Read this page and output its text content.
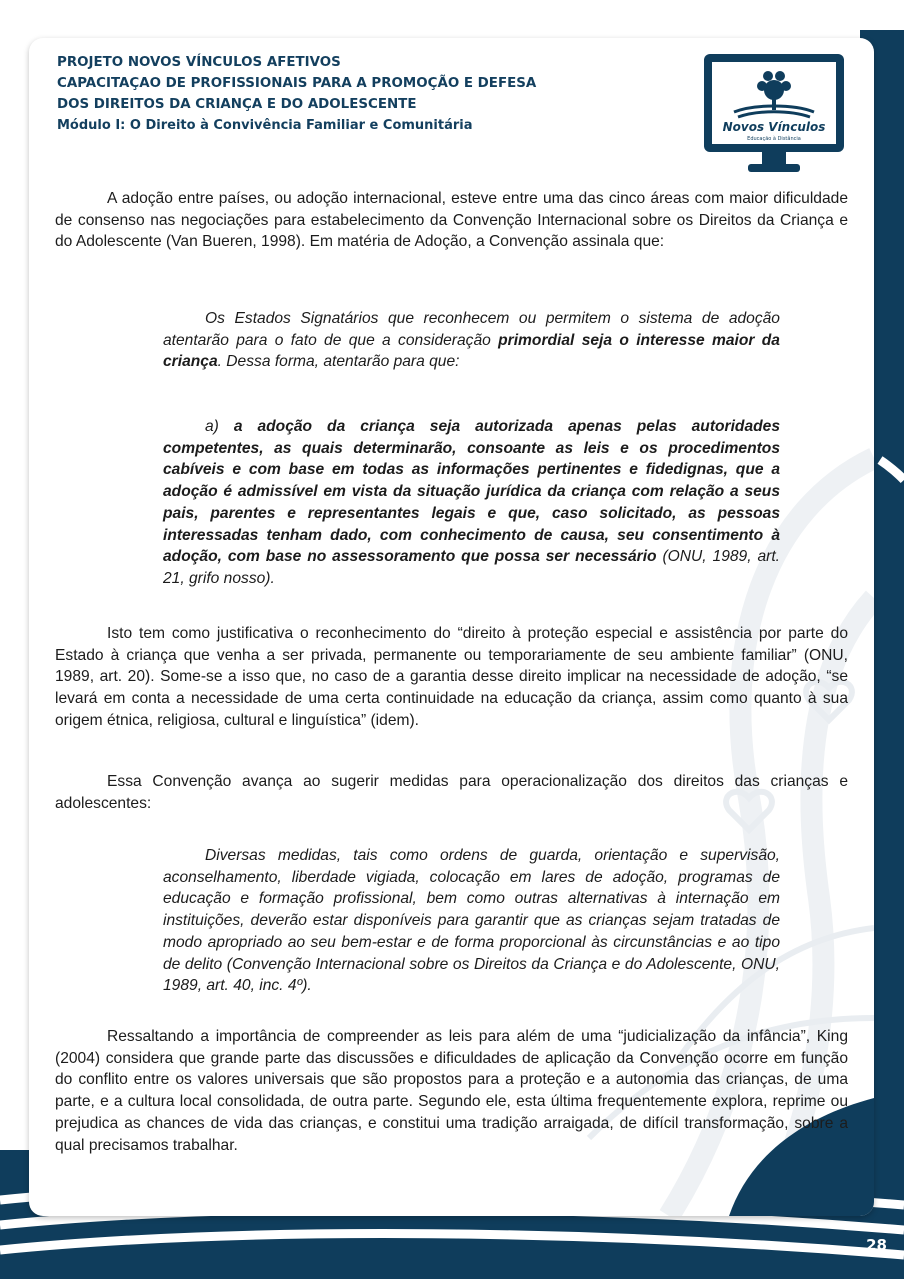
PROJETO NOVOS VÍNCULOS AFETIVOS
CAPACITAÇAO DE PROFISSIONAIS PARA A PROMOÇÃO E DEFESA
DOS DIREITOS DA CRIANÇA E DO ADOLESCENTE
Módulo I: O Direito à Convivência Familiar e Comunitária	Novos Vínculos
Educação à Distância

A adoção entre países, ou adoção internacional, esteve entre uma das cinco áreas com maior dificuldade de consenso nas negociações para estabelecimento da Convenção Internacional sobre os Direitos da Criança e do Adolescente (Van Bueren, 1998). Em matéria de Adoção, a Convenção assinala que:

Os Estados Signatários que reconhecem ou permitem o sistema de adoção atentarão para o fato de que a consideração primordial seja o interesse maior da criança. Dessa forma, atentarão para que:

a) a adoção da criança seja autorizada apenas pelas autoridades competentes, as quais determinarão, consoante as leis e os procedimentos cabíveis e com base em todas as informações pertinentes e fidedignas, que a adoção é admissível em vista da situação jurídica da criança com relação a seus pais, parentes e representantes legais e que, caso solicitado, as pessoas interessadas tenham dado, com conhecimento de causa, seu consentimento à adoção, com base no assessoramento que possa ser necessário (ONU, 1989, art. 21, grifo nosso).

Isto tem como justificativa o reconhecimento do “direito à proteção especial e assistência por parte do Estado à criança que venha a ser privada, permanente ou temporariamente de seu ambiente familiar” (ONU, 1989, art. 20). Some-se a isso que, no caso de a garantia desse direito implicar na necessidade de adoção, “se levará em conta a necessidade de uma certa continuidade na educação da criança, assim como quanto à sua origem étnica, religiosa, cultural e linguística” (idem).

Essa Convenção avança ao sugerir medidas para operacionalização dos direitos das crianças e adolescentes:

Diversas medidas, tais como ordens de guarda, orientação e supervisão, aconselhamento, liberdade vigiada, colocação em lares de adoção, programas de educação e formação profissional, bem como outras alternativas à internação em instituições, deverão estar disponíveis para garantir que as crianças sejam tratadas de modo apropriado ao seu bem-estar e de forma proporcional às circunstâncias e ao tipo de delito (Convenção Internacional sobre os Direitos da Criança e do Adolescente, ONU, 1989, art. 40, inc. 4º).

Ressaltando a importância de compreender as leis para além de uma “judicialização da infância”, King (2004) considera que grande parte das discussões e dificuldades de aplicação da Convenção ocorre em função do conflito entre os valores universais que são propostos para a proteção e a autonomia das crianças, de uma parte, e a cultura local consolidada, de outra parte. Segundo ele, esta última frequentemente explora, reprime ou prejudica as chances de vida das crianças, e constitui uma tradição arraigada, de difícil transformação, sobre a qual precisamos trabalhar.

28
